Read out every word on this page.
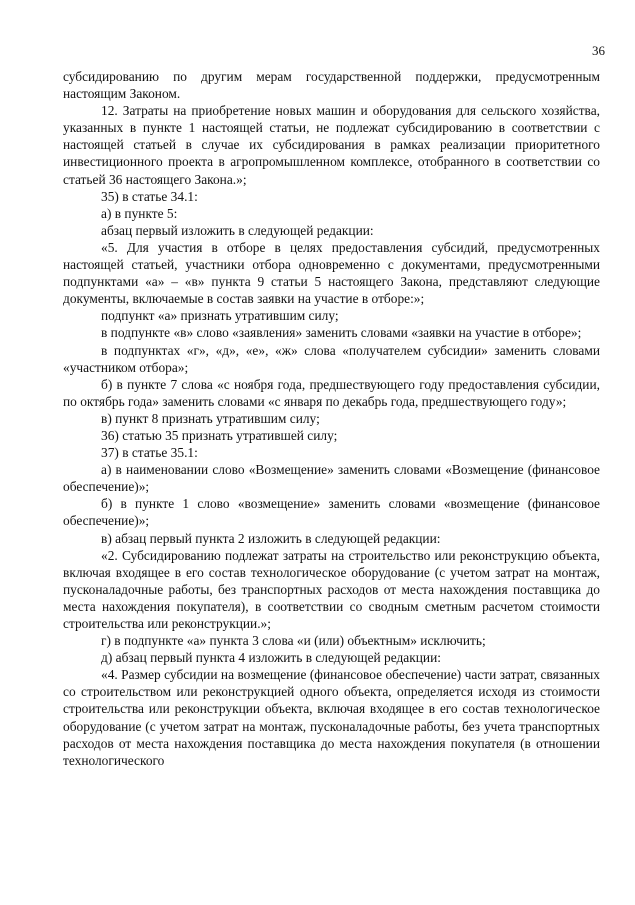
36

субсидированию по другим мерам государственной поддержки, предусмотренным настоящим Законом.

12. Затраты на приобретение новых машин и оборудования для сельского хозяйства, указанных в пункте 1 настоящей статьи, не подлежат субсидированию в соответствии с настоящей статьей в случае их субсидирования в рамках реализации приоритетного инвестиционного проекта в агропромышленном комплексе, отобранного в соответствии со статьей 36 настоящего Закона.»;

35) в статье 34.1:

а) в пункте 5:

абзац первый изложить в следующей редакции:

«5. Для участия в отборе в целях предоставления субсидий, предусмотренных настоящей статьей, участники отбора одновременно с документами, предусмотренными подпунктами «а» – «в» пункта 9 статьи 5 настоящего Закона, представляют следующие документы, включаемые в состав заявки на участие в отборе:»;

подпункт «а» признать утратившим силу;

в подпункте «в» слово «заявления» заменить словами «заявки на участие в отборе»;

в подпунктах «г», «д», «е», «ж» слова «получателем субсидии» заменить словами «участником отбора»;

б) в пункте 7 слова «с ноября года, предшествующего году предоставления субсидии, по октябрь года» заменить словами «с января по декабрь года, предшествующего году»;

в) пункт 8 признать утратившим силу;

36) статью 35 признать утратившей силу;

37) в статье 35.1:

а) в наименовании слово «Возмещение» заменить словами «Возмещение (финансовое обеспечение)»;

б) в пункте 1 слово «возмещение» заменить словами «возмещение (финансовое обеспечение)»;

в) абзац первый пункта 2 изложить в следующей редакции:

«2. Субсидированию подлежат затраты на строительство или реконструкцию объекта, включая входящее в его состав технологическое оборудование (с учетом затрат на монтаж, пусконаладочные работы, без транспортных расходов от места нахождения поставщика до места нахождения покупателя), в соответствии со сводным сметным расчетом стоимости строительства или реконструкции.»;

г) в подпункте «а» пункта 3 слова «и (или) объектным» исключить;

д) абзац первый пункта 4 изложить в следующей редакции:

«4. Размер субсидии на возмещение (финансовое обеспечение) части затрат, связанных со строительством или реконструкцией одного объекта, определяется исходя из стоимости строительства или реконструкции объекта, включая входящее в его состав технологическое оборудование (с учетом затрат на монтаж, пусконаладочные работы, без учета транспортных расходов от места нахождения поставщика до места нахождения покупателя (в отношении технологического
